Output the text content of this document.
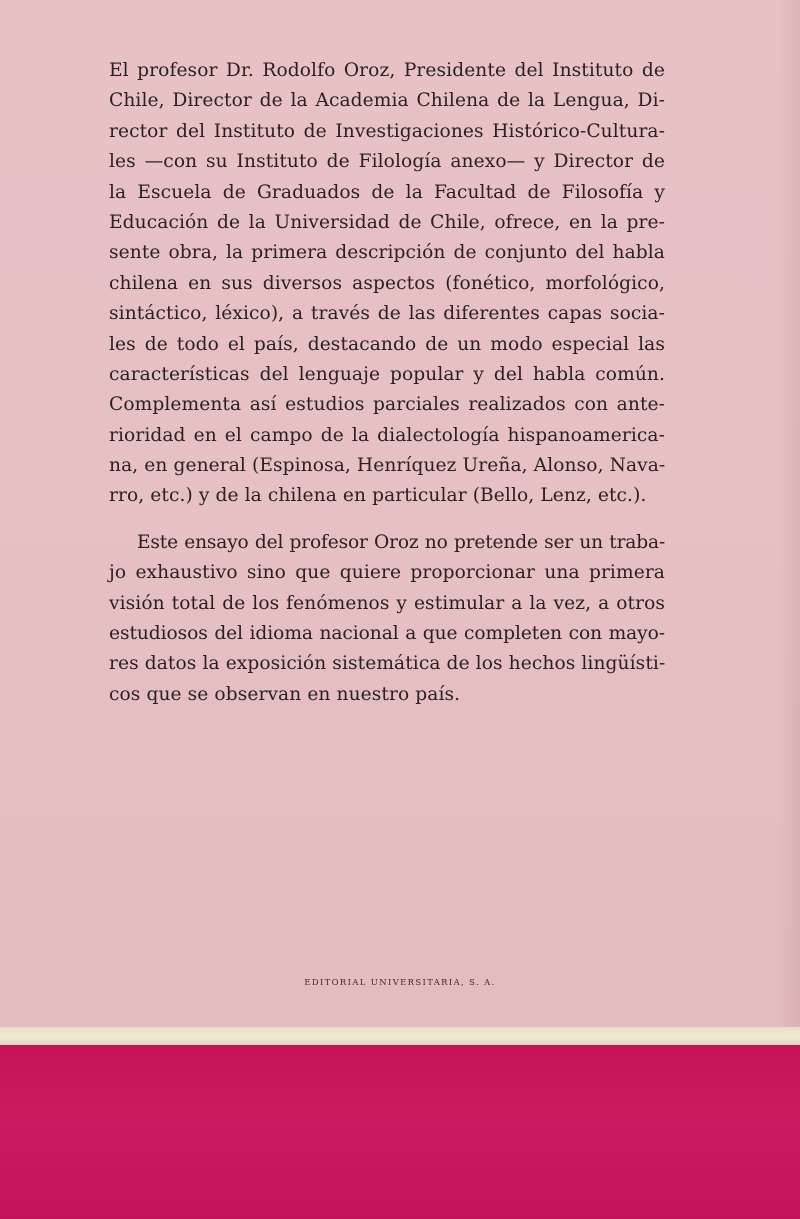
El profesor Dr. Rodolfo Oroz, Presidente del Instituto de
Chile, Director de la Academia Chilena de la Lengua, Di-
rector del Instituto de Investigaciones Histórico-Cultura-
les —con su Instituto de Filología anexo— y Director de
la Escuela de Graduados de la Facultad de Filosofía y
Educación de la Universidad de Chile, ofrece, en la pre-
sente obra, la primera descripción de conjunto del habla
chilena en sus diversos aspectos (fonético, morfológico,
sintáctico, léxico), a través de las diferentes capas socia-
les de todo el país, destacando de un modo especial las
características del lenguaje popular y del habla común.
Complementa así estudios parciales realizados con ante-
rioridad en el campo de la dialectología hispanoamerica-
na, en general (Espinosa, Henríquez Ureña, Alonso, Nava-
rro, etc.) y de la chilena en particular (Bello, Lenz, etc.).
Este ensayo del profesor Oroz no pretende ser un traba-
jo exhaustivo sino que quiere proporcionar una primera
visión total de los fenómenos y estimular a la vez, a otros
estudiosos del idioma nacional a que completen con mayo-
res datos la exposición sistemática de los hechos lingüísti-
cos que se observan en nuestro país.
EDITORIAL UNIVERSITARIA, S. A.
